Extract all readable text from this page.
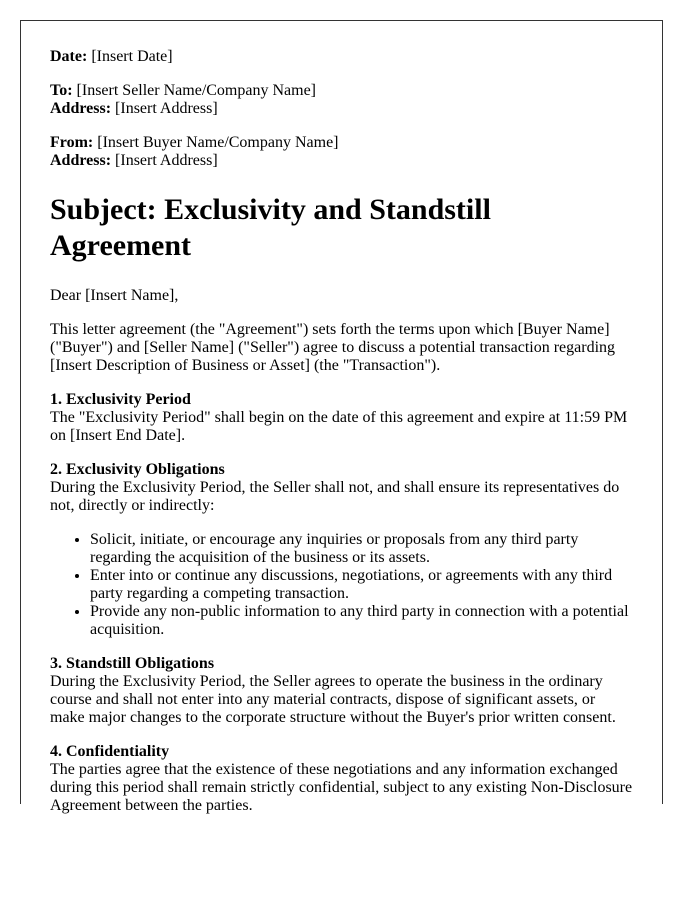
Date: [Insert Date]

To: [Insert Seller Name/Company Name]
Address: [Insert Address]

From: [Insert Buyer Name/Company Name]
Address: [Insert Address]

Subject: Exclusivity and Standstill Agreement

Dear [Insert Name],

This letter agreement (the "Agreement") sets forth the terms upon which [Buyer Name] ("Buyer") and [Seller Name] ("Seller") agree to discuss a potential transaction regarding [Insert Description of Business or Asset] (the "Transaction").

1. Exclusivity Period

The "Exclusivity Period" shall begin on the date of this agreement and expire at 11:59 PM on [Insert End Date].

2. Exclusivity Obligations

During the Exclusivity Period, the Seller shall not, and shall ensure its representatives do not, directly or indirectly:

• Solicit, initiate, or encourage any inquiries or proposals from any third party regarding the acquisition of the business or its assets.
• Enter into or continue any discussions, negotiations, or agreements with any third party regarding a competing transaction.
• Provide any non-public information to any third party in connection with a potential acquisition.
3. Standstill Obligations

During the Exclusivity Period, the Seller agrees to operate the business in the ordinary course and shall not enter into any material contracts, dispose of significant assets, or make major changes to the corporate structure without the Buyer's prior written consent.

4. Confidentiality

The parties agree that the existence of these negotiations and any information exchanged during this period shall remain strictly confidential, subject to any existing Non-Disclosure Agreement between the parties.
